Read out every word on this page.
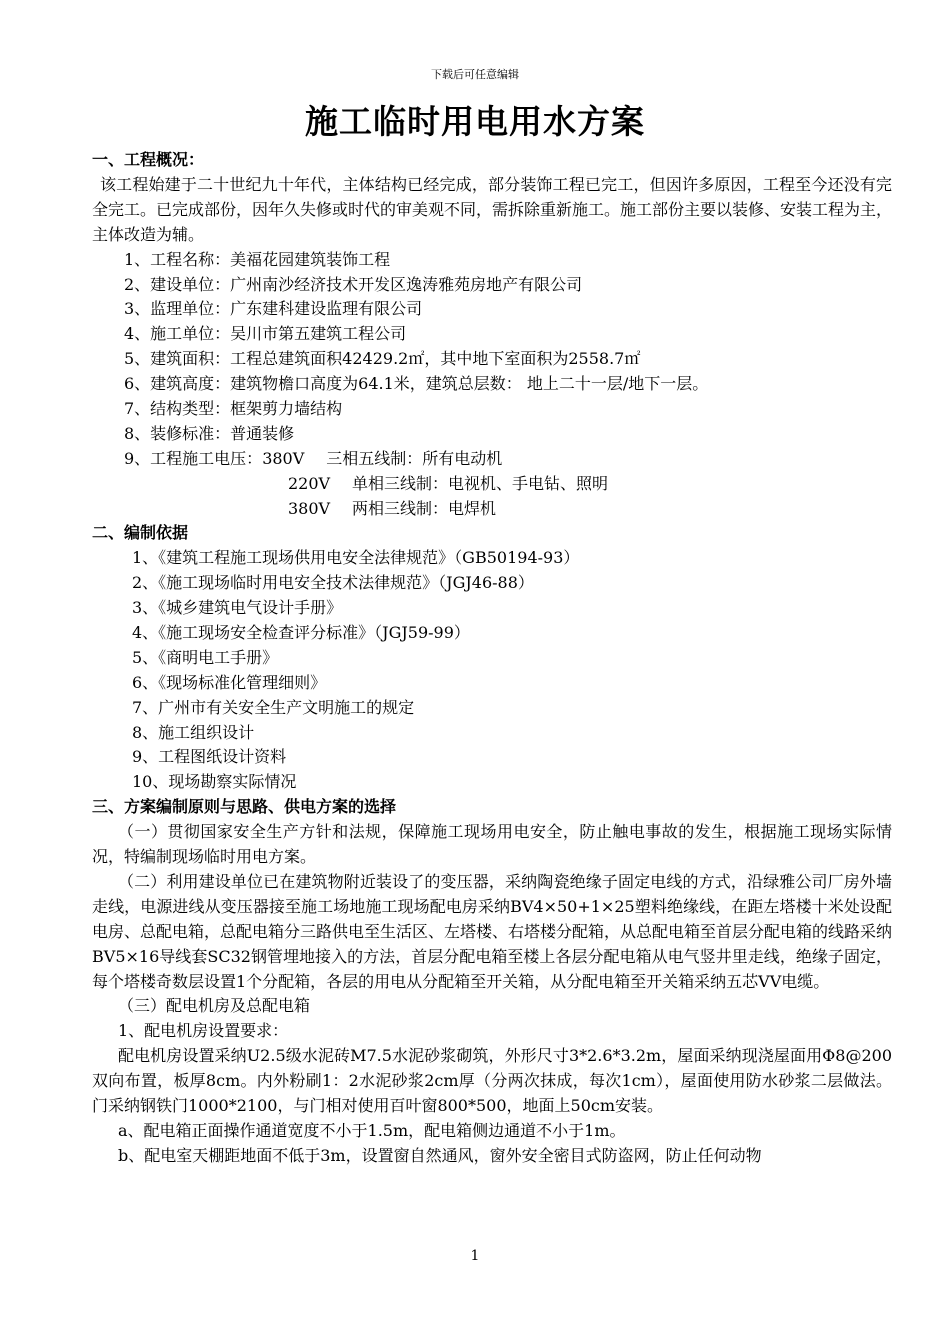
下载后可任意编辑
施工临时用电用水方案
一、工程概况：

该工程始建于二十世纪九十年代，主体结构已经完成，部分装饰工程已完工，但因许多原因，工程至今还没有完全完工。已完成部份，因年久失修或时代的审美观不同，需拆除重新施工。施工部份主要以装修、安装工程为主，主体改造为辅。

1、工程名称：美福花园建筑装饰工程
2、建设单位：广州南沙经济技术开发区逸涛雅苑房地产有限公司
3、监理单位：广东建科建设监理有限公司
4、施工单位：吴川市第五建筑工程公司
5、建筑面积：工程总建筑面积42429.2㎡，其中地下室面积为2558.7㎡
6、建筑高度：建筑物檐口高度为64.1米，建筑总层数： 地上二十一层/地下一层。
7、结构类型：框架剪力墙结构
8、装修标准：普通装修
9、工程施工电压：380V 三相五线制：所有电动机
220V 单相三线制：电视机、手电钻、照明
380V 两相三线制：电焊机
二、编制依据
1、《建筑工程施工现场供用电安全法律规范》（GB50194-93）
2、《施工现场临时用电安全技术法律规范》（JGJ46-88）
3、《城乡建筑电气设计手册》
4、《施工现场安全检查评分标准》（JGJ59-99）
5、《商明电工手册》
6、《现场标准化管理细则》
7、广州市有关安全生产文明施工的规定
8、施工组织设计
9、工程图纸设计资料
10、现场勘察实际情况
三、方案编制原则与思路、供电方案的选择

（一）贯彻国家安全生产方针和法规，保障施工现场用电安全，防止触电事故的发生，根据施工现场实际情况，特编制现场临时用电方案。

（二）利用建设单位已在建筑物附近装设了的变压器，采纳陶瓷绝缘子固定电线的方式，沿绿雅公司厂房外墙走线，电源进线从变压器接至施工场地施工现场配电房采纳BV4×50+1×25塑料绝缘线，在距左塔楼十米处设配电房、总配电箱，总配电箱分三路供电至生活区、左塔楼、右塔楼分配箱，从总配电箱至首层分配电箱的线路采纳BV5×16导线套SC32钢管埋地接入的方法，首层分配电箱至楼上各层分配电箱从电气竖井里走线，绝缘子固定，每个塔楼奇数层设置1个分配箱，各层的用电从分配箱至开关箱，从分配电箱至开关箱采纳五芯VV电缆。

（三）配电机房及总配电箱
1、配电机房设置要求：

配电机房设置采纳U2.5级水泥砖M7.5水泥砂浆砌筑，外形尺寸3*2.6*3.2m，屋面采纳现浇屋面用Φ8@200双向布置，板厚8cm。内外粉刷1：2水泥砂浆2cm厚（分两次抹成，每次1cm），屋面使用防水砂浆二层做法。门采纳钢铁门1000*2100，与门相对使用百叶窗800*500，地面上50cm安装。

a、配电箱正面操作通道宽度不小于1.5m，配电箱侧边通道不小于1m。
b、配电室天棚距地面不低于3m，设置窗自然通风，窗外安全密目式防盗网，防止任何动物
1
